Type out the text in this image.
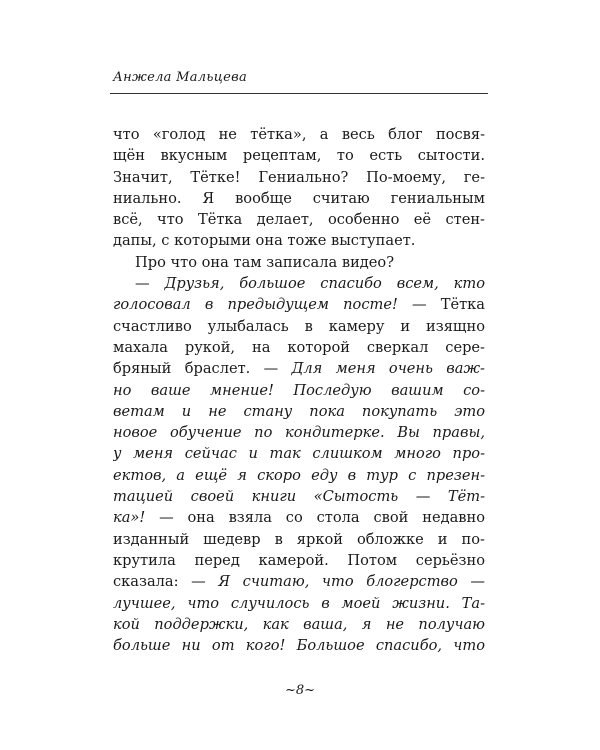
Анжела Мальцева
что «голод не тётка», а весь блог посвя-
щён вкусным рецептам, то есть сытости.
Значит, Тётке! Гениально? По-моему, ге-
ниально. Я вообще считаю гениальным
всё, что Тётка делает, особенно её стен-
дапы, с которыми она тоже выступает.
Про что она там записала видео?
— Друзья, большое спасибо всем, кто
голосовал в предыдущем посте! — Тётка
счастливо улыбалась в камеру и изящно
махала рукой, на которой сверкал сере-
бряный браслет. — Для меня очень важ-
но ваше мнение! Последую вашим со-
ветам и не стану пока покупать это
новое обучение по кондитерке. Вы правы,
у меня сейчас и так слишком много про-
ектов, а ещё я скоро еду в тур с презен-
тацией своей книги «Сытость — Тёт-
ка»! — она взяла со стола свой недавно
изданный шедевр в яркой обложке и по-
крутила перед камерой. Потом серьёзно
сказала: — Я считаю, что блогерство —
лучшее, что случилось в моей жизни. Та-
кой поддержки, как ваша, я не получаю
больше ни от кого! Большое спасибо, что
~8~
